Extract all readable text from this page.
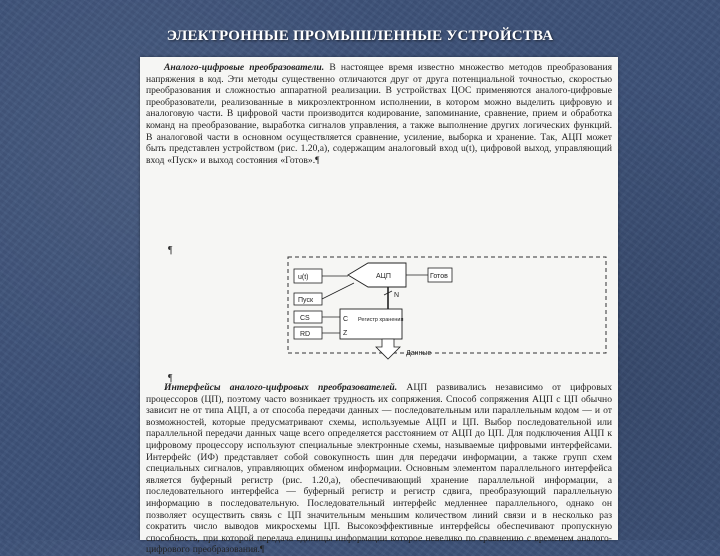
ЭЛЕКТРОННЫЕ ПРОМЫШЛЕННЫЕ УСТРОЙСТВА

Аналого-цифровые преобразователи. В настоящее время известно множество методов преобразования напряжения в код. Эти методы существенно отличаются друг от друга потенциальной точностью, скоростью преобразования и сложностью аппаратной реализации. В устройствах ЦОС применяются аналого-цифровые преобразователи, реализованные в микроэлектронном исполнении, в котором можно выделить цифровую и аналоговую части. В цифровой части производится кодирование, запоминание, сравнение, прием и обработка команд на преобразование, выработка сигналов управления, а также выполнение других логических функций. В аналоговой части в основном осуществляется сравнение, усиление, выборка и хранение. Так, АЦП может быть представлен устройством (рис. 1.20,а), содержащим аналоговый вход u(t), цифровой выход, управляющий вход «Пуск» и выход состояния «Готов».¶

¶
u(t)
Пуск
CS
RD
АЦП	Готов
N
Регистр хранения
C
Z
Данные
¶

Интерфейсы аналого-цифровых преобразователей. АЦП развивались независимо от цифровых процессоров (ЦП), поэтому часто возникает трудность их сопряжения. Способ сопряжения АЦП с ЦП обычно зависит не от типа АЦП, а от способа передачи данных — последовательным или параллельным кодом — и от возможностей, которые предусматривают схемы, используемые АЦП и ЦП. Выбор последовательной или параллельной передачи данных чаще всего определяется расстоянием от АЦП до ЦП. Для подключения АЦП к цифровому процессору используют специальные электронные схемы, называемые цифровыми интерфейсами. Интерфейс (ИФ) представляет собой совокупность шин для передачи информации, а также групп схем специальных сигналов, управляющих обменом информации. Основным элементом параллельного интерфейса является буферный регистр (рис. 1.20,а), обеспечивающий хранение параллельной информации, а последовательного интерфейса — буферный регистр и регистр сдвига, преобразующий параллельную информацию в последовательную. Последовательный интерфейс медленнее параллельного, однако он позволяет осуществить связь с ЦП значительным меньшим количеством линий связи и в несколько раз сократить число выводов микросхемы ЦП. Высокоэффективные интерфейсы обеспечивают пропускную способность, при которой передача единицы информации которое невелико по сравнению с временем аналого-цифрового преобразования.¶
